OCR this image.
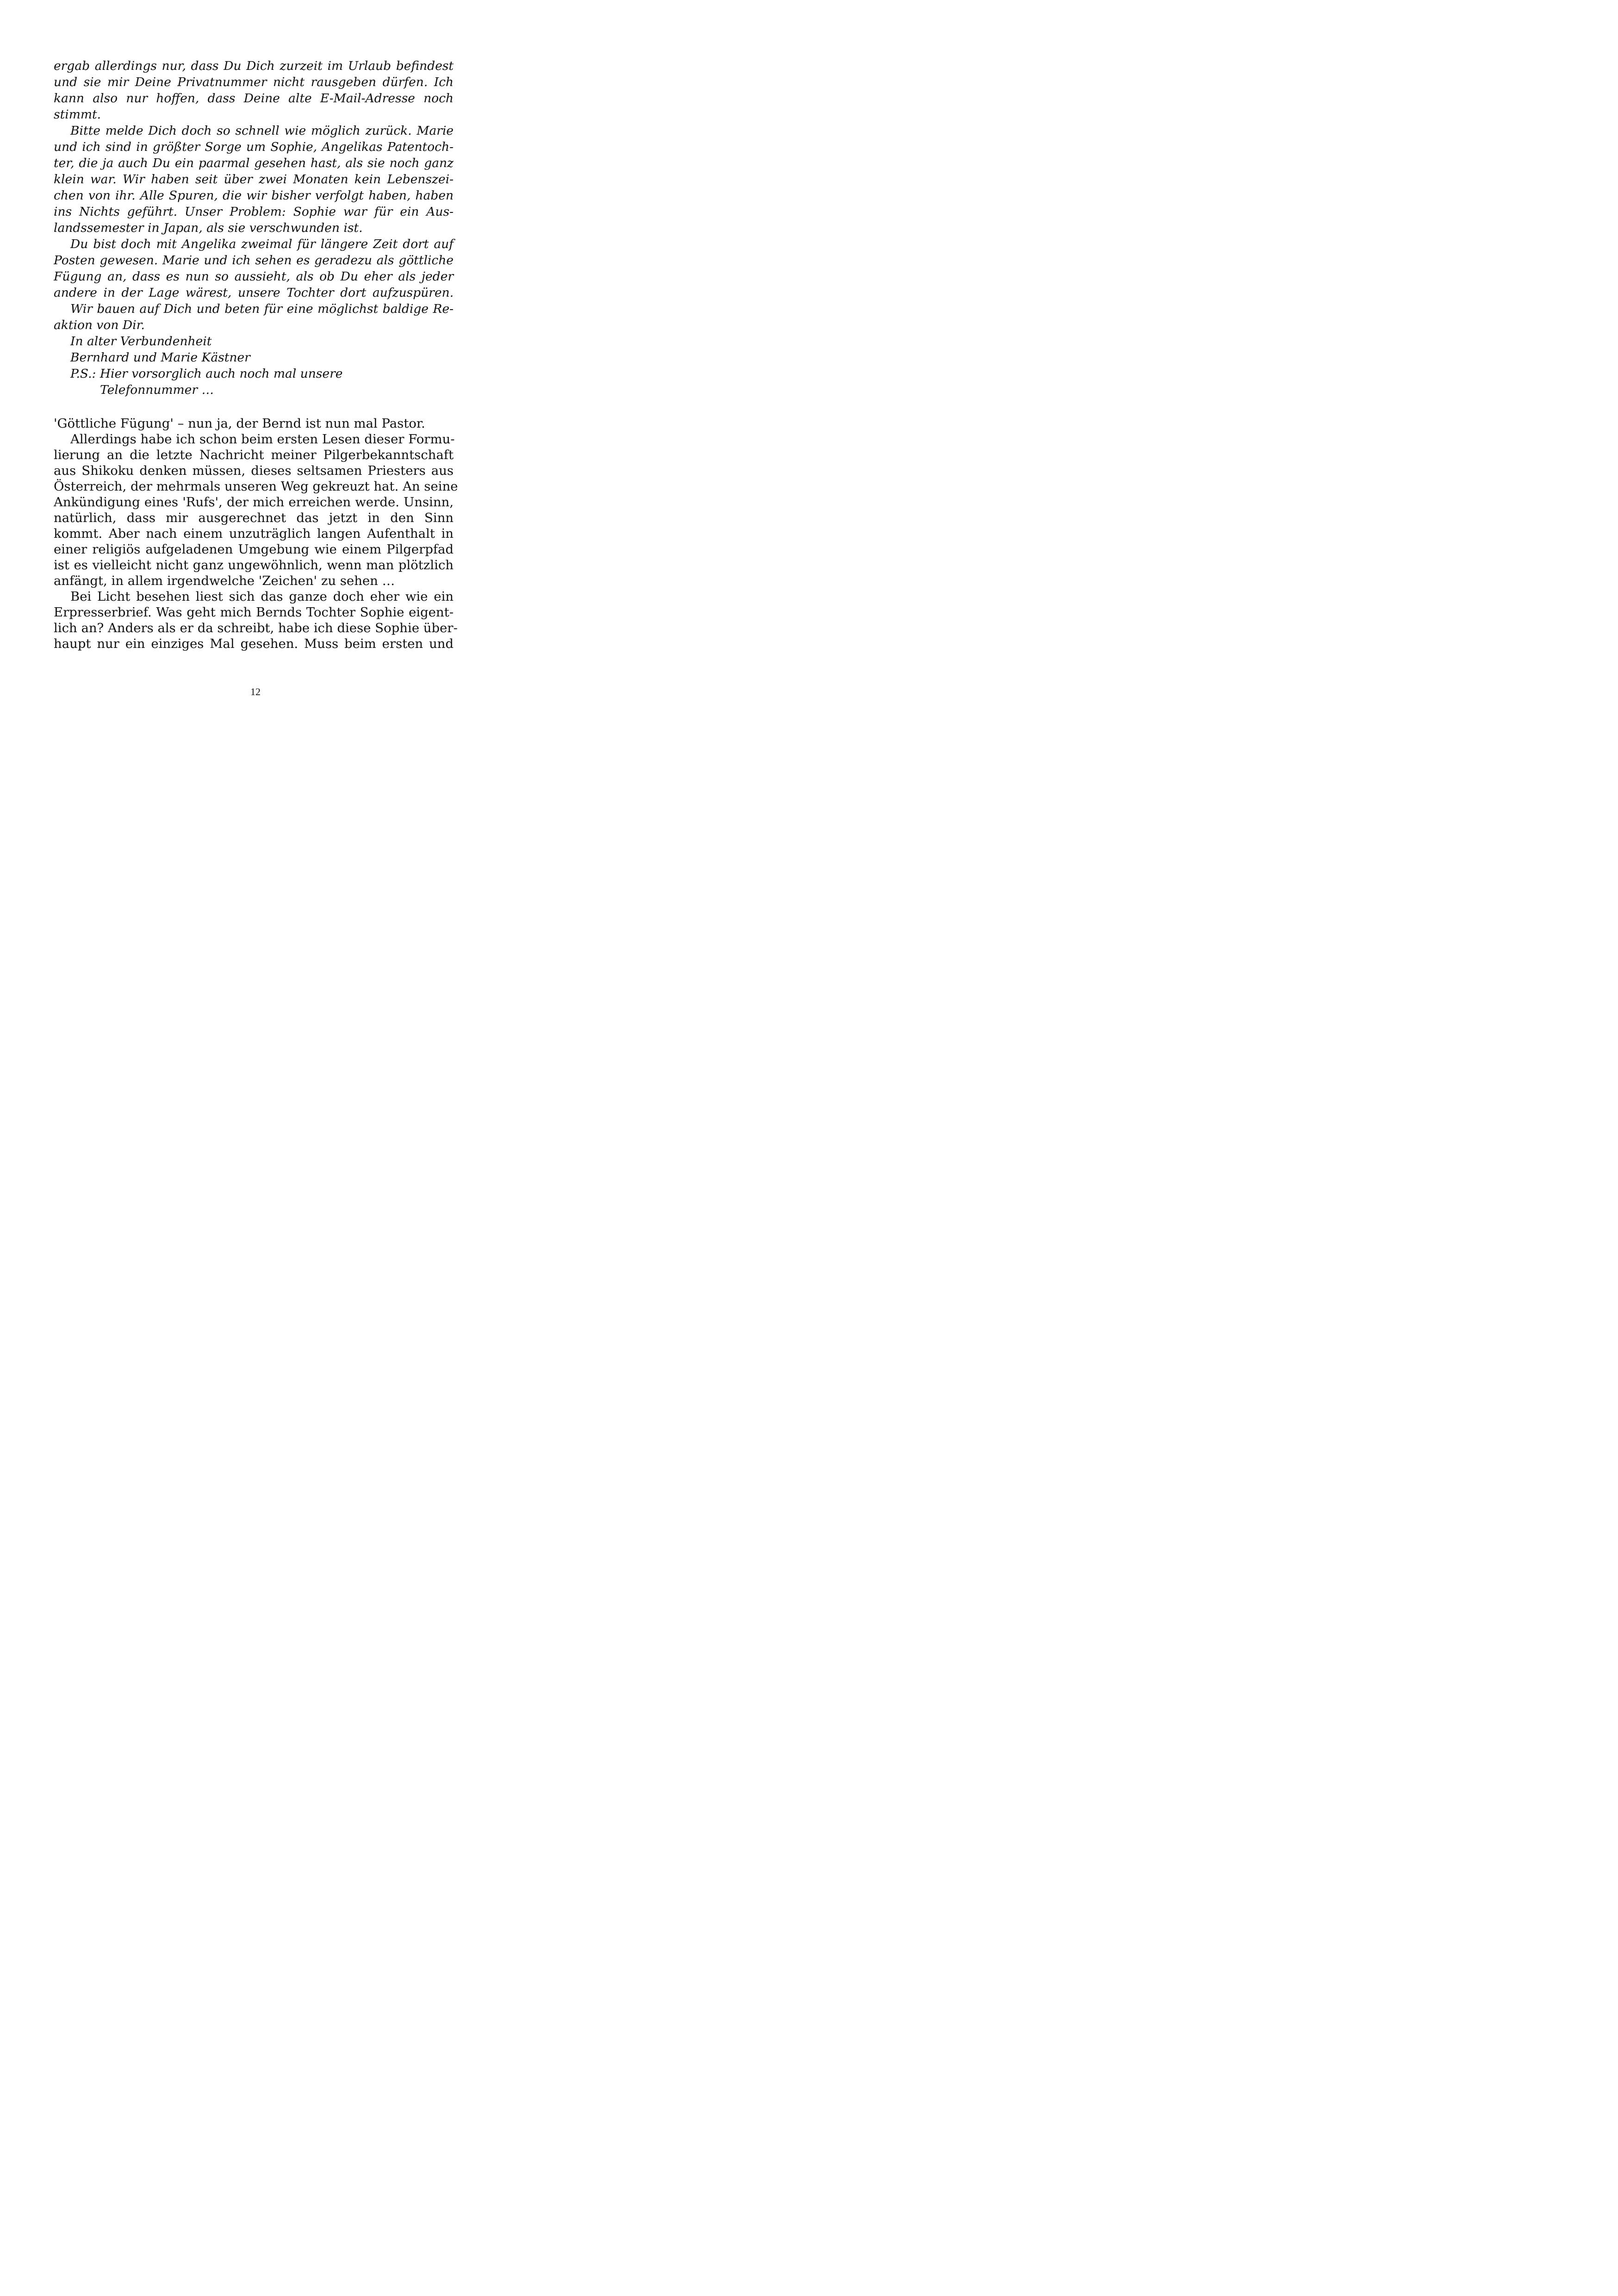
ergab allerdings nur, dass Du Dich zurzeit im Urlaub befindest

und sie mir Deine Privatnummer nicht rausgeben dürfen. Ich

kann also nur hoffen, dass Deine alte E-Mail-Adresse noch

stimmt.

Bitte melde Dich doch so schnell wie möglich zurück. Marie

und ich sind in größter Sorge um Sophie, Angelikas Patentoch-

ter, die ja auch Du ein paarmal gesehen hast, als sie noch ganz

klein war. Wir haben seit über zwei Monaten kein Lebenszei-

chen von ihr. Alle Spuren, die wir bisher verfolgt haben, haben

ins Nichts geführt. Unser Problem: Sophie war für ein Aus-

landssemester in Japan, als sie verschwunden ist.

Du bist doch mit Angelika zweimal für längere Zeit dort auf

Posten gewesen. Marie und ich sehen es geradezu als göttliche

Fügung an, dass es nun so aussieht, als ob Du eher als jeder

andere in der Lage wärest, unsere Tochter dort aufzuspüren.

Wir bauen auf Dich und beten für eine möglichst baldige Re-

aktion von Dir.

In alter Verbundenheit

Bernhard und Marie Kästner

P.S.: Hier vorsorglich auch noch mal unsere

Telefonnummer …

'Göttliche Fügung' – nun ja, der Bernd ist nun mal Pastor.

Allerdings habe ich schon beim ersten Lesen dieser Formu-

lierung an die letzte Nachricht meiner Pilgerbekanntschaft

aus Shikoku denken müssen, dieses seltsamen Priesters aus

Österreich, der mehrmals unseren Weg gekreuzt hat. An seine

Ankündigung eines 'Rufs', der mich erreichen werde. Unsinn,

natürlich, dass mir ausgerechnet das jetzt in den Sinn

kommt. Aber nach einem unzuträglich langen Aufenthalt in

einer religiös aufgeladenen Umgebung wie einem Pilgerpfad

ist es vielleicht nicht ganz ungewöhnlich, wenn man plötzlich

anfängt, in allem irgendwelche 'Zeichen' zu sehen …

Bei Licht besehen liest sich das ganze doch eher wie ein

Erpresserbrief. Was geht mich Bernds Tochter Sophie eigent-

lich an? Anders als er da schreibt, habe ich diese Sophie über-

haupt nur ein einziges Mal gesehen. Muss beim ersten und

12
